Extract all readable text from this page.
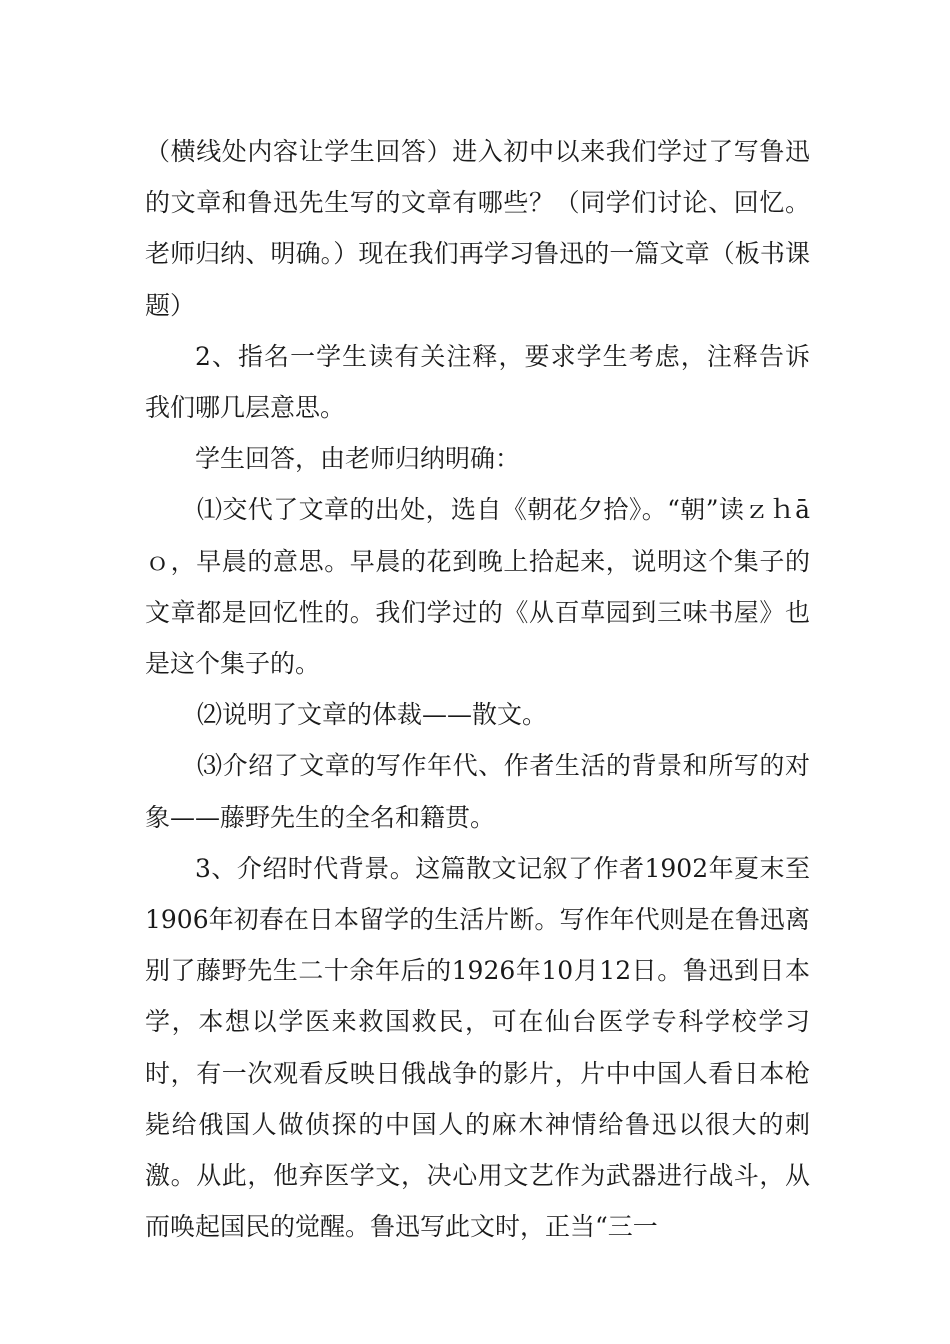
（横线处内容让学生回答）进入初中以来我们学过了写鲁迅的文章和鲁迅先生写的文章有哪些？（同学们讨论、回忆。老师归纳、明确。）现在我们再学习鲁迅的一篇文章（板书课题）

2、指名一学生读有关注释，要求学生考虑，注释告诉我们哪几层意思。

学生回答，由老师归纳明确：

⑴交代了文章的出处，选自《朝花夕拾》。“朝”读ｚｈāｏ，早晨的意思。早晨的花到晚上拾起来，说明这个集子的文章都是回忆性的。我们学过的《从百草园到三味书屋》也是这个集子的。

⑵说明了文章的体裁——散文。

⑶介绍了文章的写作年代、作者生活的背景和所写的对象——藤野先生的全名和籍贯。

3、介绍时代背景。这篇散文记叙了作者1902年夏末至1906年初春在日本留学的生活片断。写作年代则是在鲁迅离别了藤野先生二十余年后的1926年10月12日。鲁迅到日本学，本想以学医来救国救民，可在仙台医学专科学校学习时，有一次观看反映日俄战争的影片，片中中国人看日本枪毙给俄国人做侦探的中国人的麻木神情给鲁迅以很大的刺激。从此，他弃医学文，决心用文艺作为武器进行战斗，从而唤起国民的觉醒。鲁迅写此文时，正当“三一
